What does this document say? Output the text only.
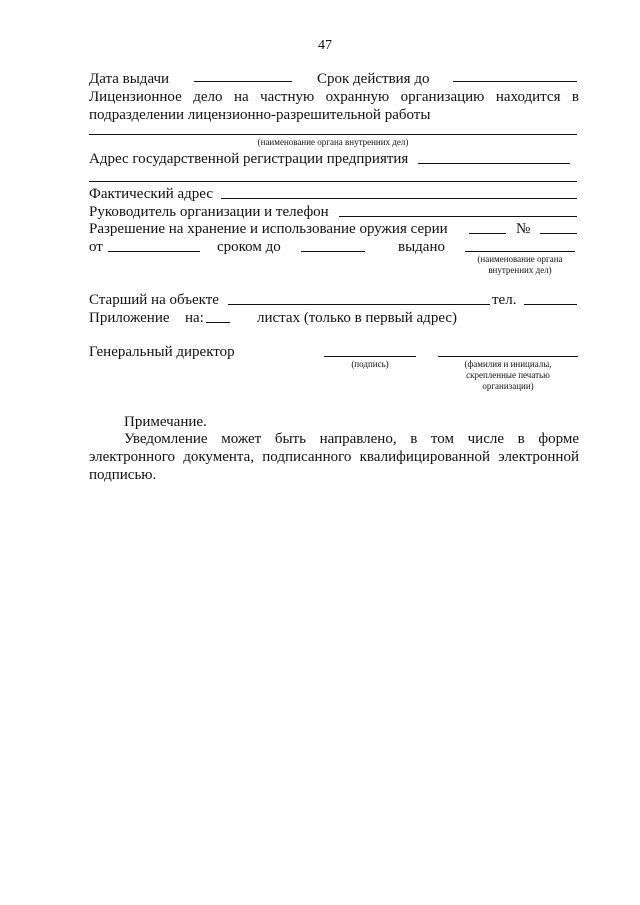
47
Дата выдачи	Срок действия до
Лицензионное дело на частную охранную организацию находится в
подразделении лицензионно-разрешительной работы
(наименование органа внутренних дел)
Адрес государственной регистрации предприятия
Фактический адрес
Руководитель организации и телефон
Разрешение на хранение и использование оружия серии	№
от	сроком до	выдано
(наименование органа
внутренних дел)
Старший на объекте	тел.
Приложение на:	листах (только в первый адрес)
Генеральный директор
(подпись)	(фамилия и инициалы,
скрепленные печатью
организации)
Примечание.
Уведомление может быть направлено, в том числе в форме
электронного документа, подписанного квалифицированной электронной
подписью.
